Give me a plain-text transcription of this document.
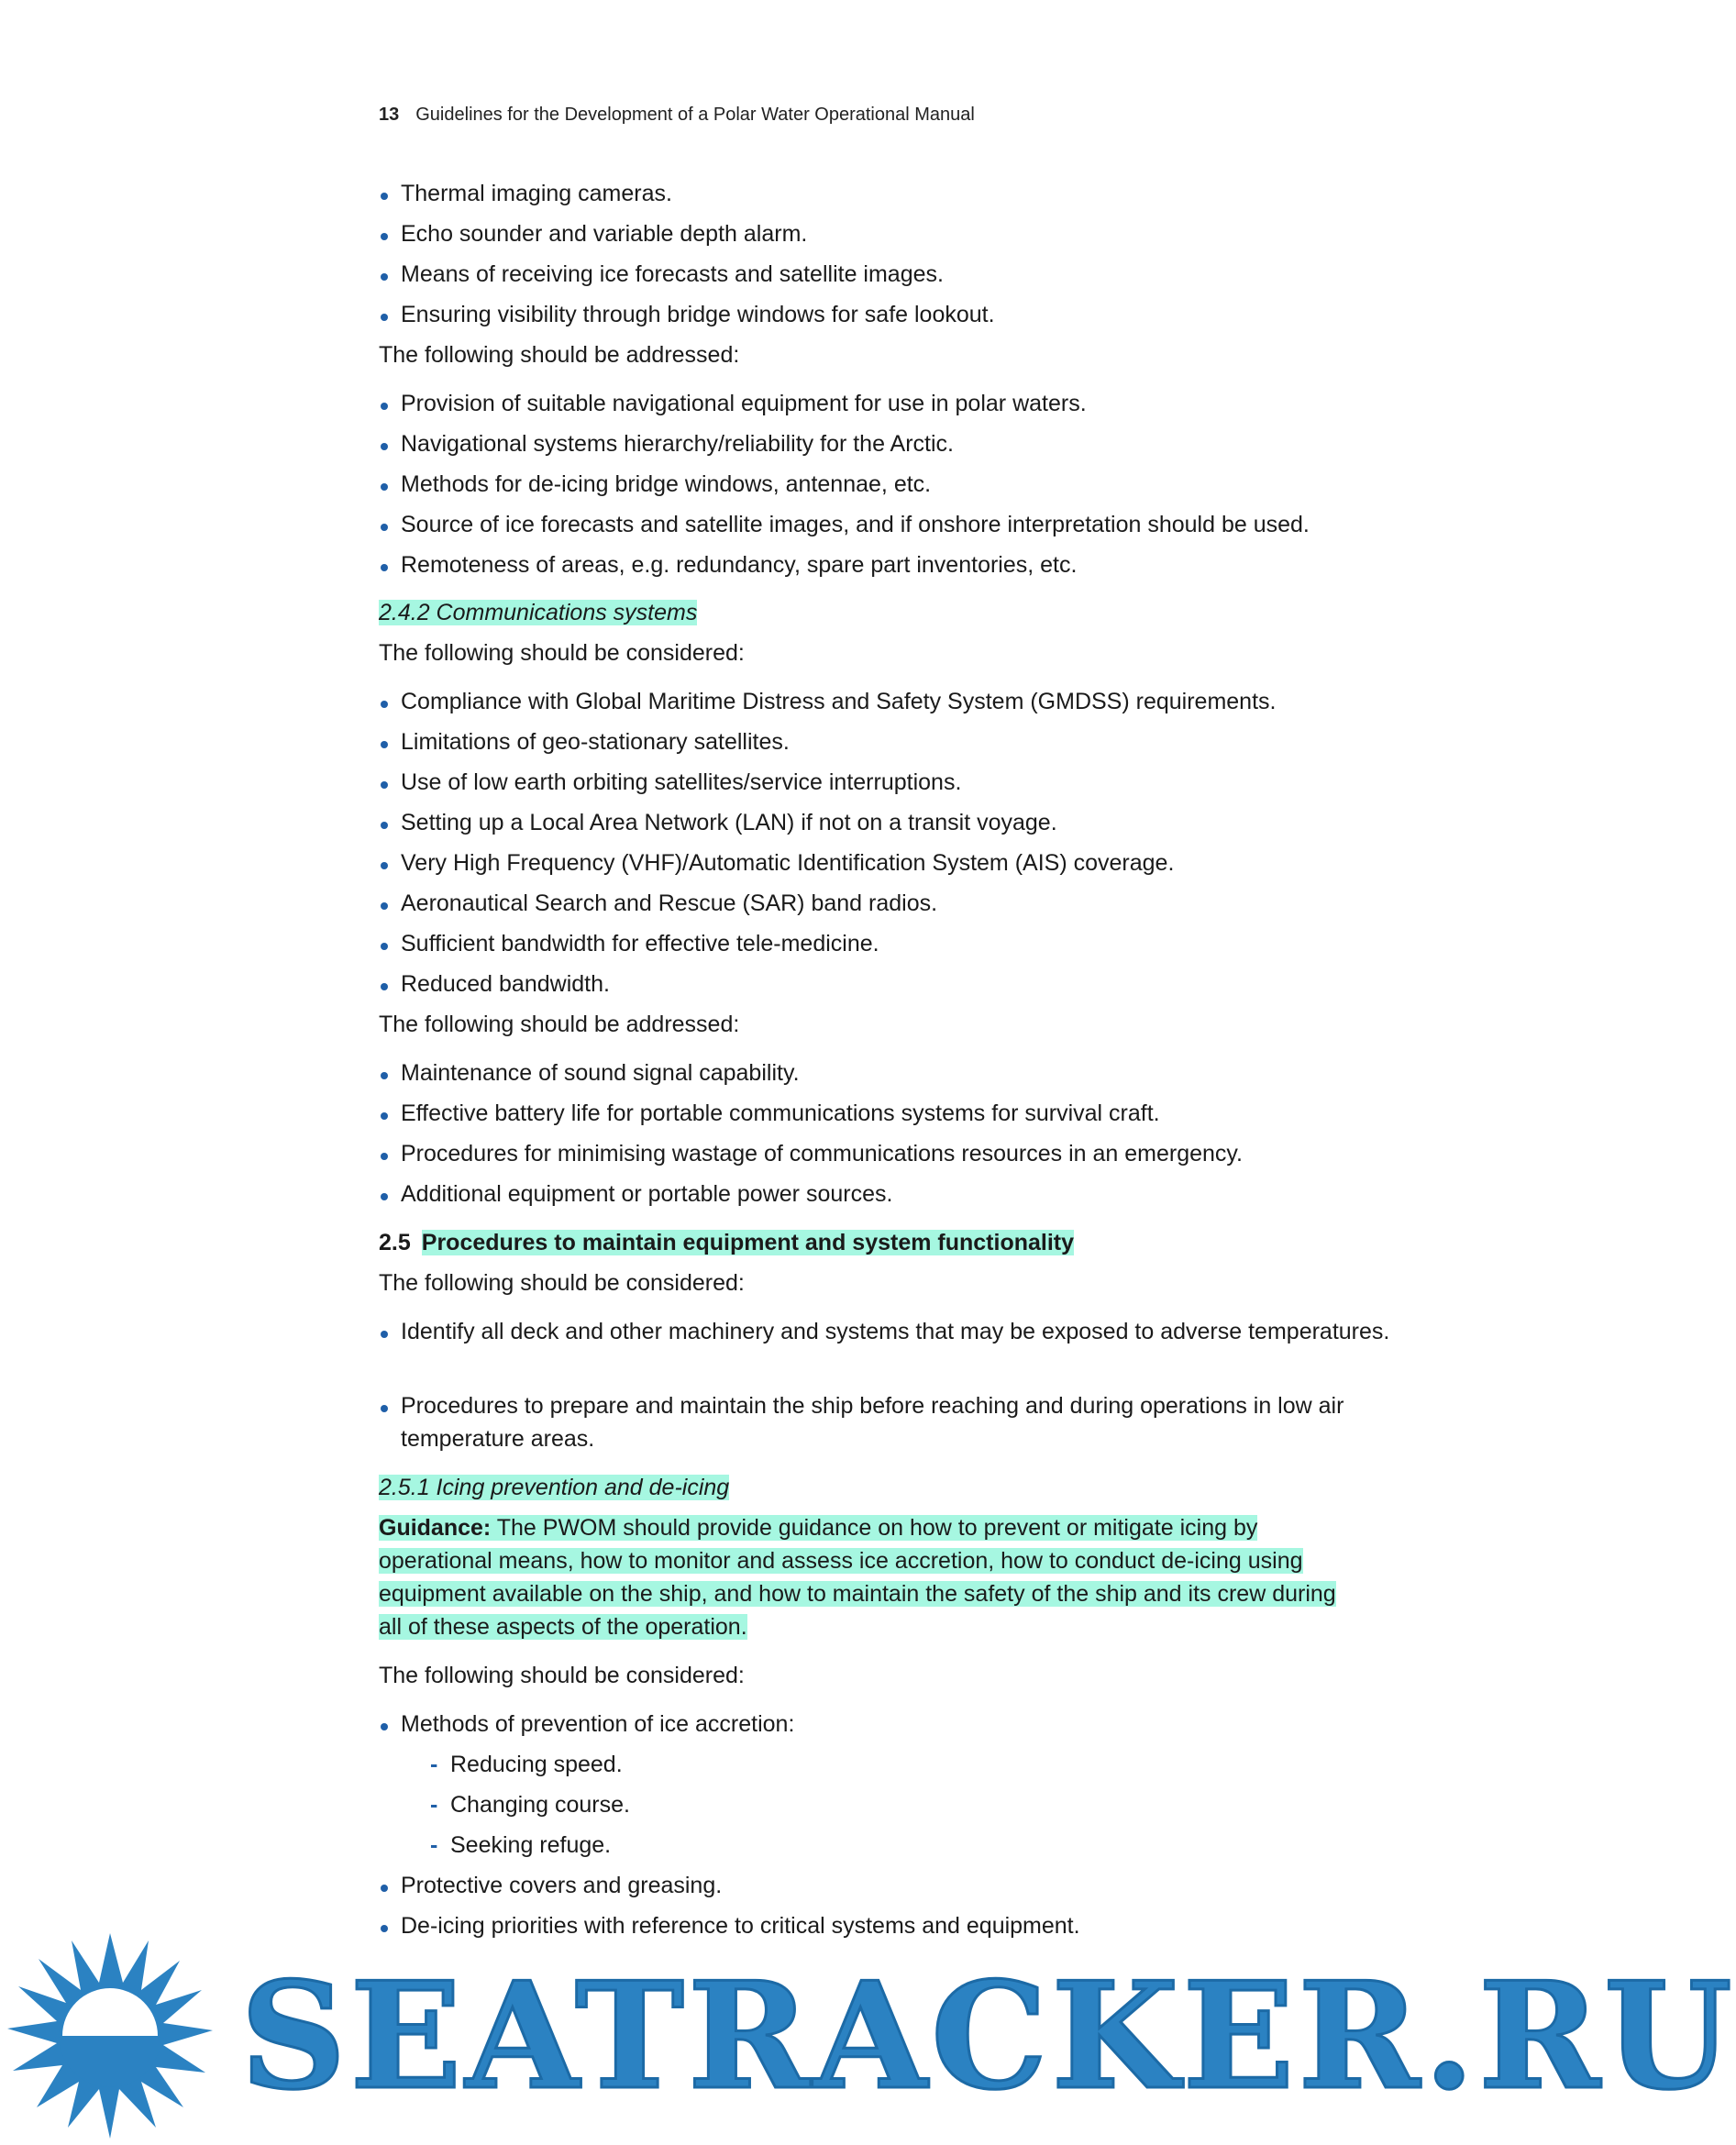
13 Guidelines for the Development of a Polar Water Operational Manual
Thermal imaging cameras.
Echo sounder and variable depth alarm.
Means of receiving ice forecasts and satellite images.
Ensuring visibility through bridge windows for safe lookout.
The following should be addressed:
Provision of suitable navigational equipment for use in polar waters.
Navigational systems hierarchy/reliability for the Arctic.
Methods for de-icing bridge windows, antennae, etc.
Source of ice forecasts and satellite images, and if onshore interpretation should be used.
Remoteness of areas, e.g. redundancy, spare part inventories, etc.
2.4.2 Communications systems
The following should be considered:
Compliance with Global Maritime Distress and Safety System (GMDSS) requirements.
Limitations of geo-stationary satellites.
Use of low earth orbiting satellites/service interruptions.
Setting up a Local Area Network (LAN) if not on a transit voyage.
Very High Frequency (VHF)/Automatic Identification System (AIS) coverage.
Aeronautical Search and Rescue (SAR) band radios.
Sufficient bandwidth for effective tele-medicine.
Reduced bandwidth.
The following should be addressed:
Maintenance of sound signal capability.
Effective battery life for portable communications systems for survival craft.
Procedures for minimising wastage of communications resources in an emergency.
Additional equipment or portable power sources.
2.5 Procedures to maintain equipment and system functionality
The following should be considered:
Identify all deck and other machinery and systems that may be exposed to adverse temperatures.
Procedures to prepare and maintain the ship before reaching and during operations in low air temperature areas.
2.5.1 Icing prevention and de-icing
Guidance: The PWOM should provide guidance on how to prevent or mitigate icing by
operational means, how to monitor and assess ice accretion, how to conduct de-icing using
equipment available on the ship, and how to maintain the safety of the ship and its crew during
all of these aspects of the operation.
The following should be considered:
Methods of prevention of ice accretion:
- Reducing speed.
- Changing course.
- Seeking refuge.
Protective covers and greasing.
De-icing priorities with reference to critical systems and equipment.
SEATRACKER.RU
